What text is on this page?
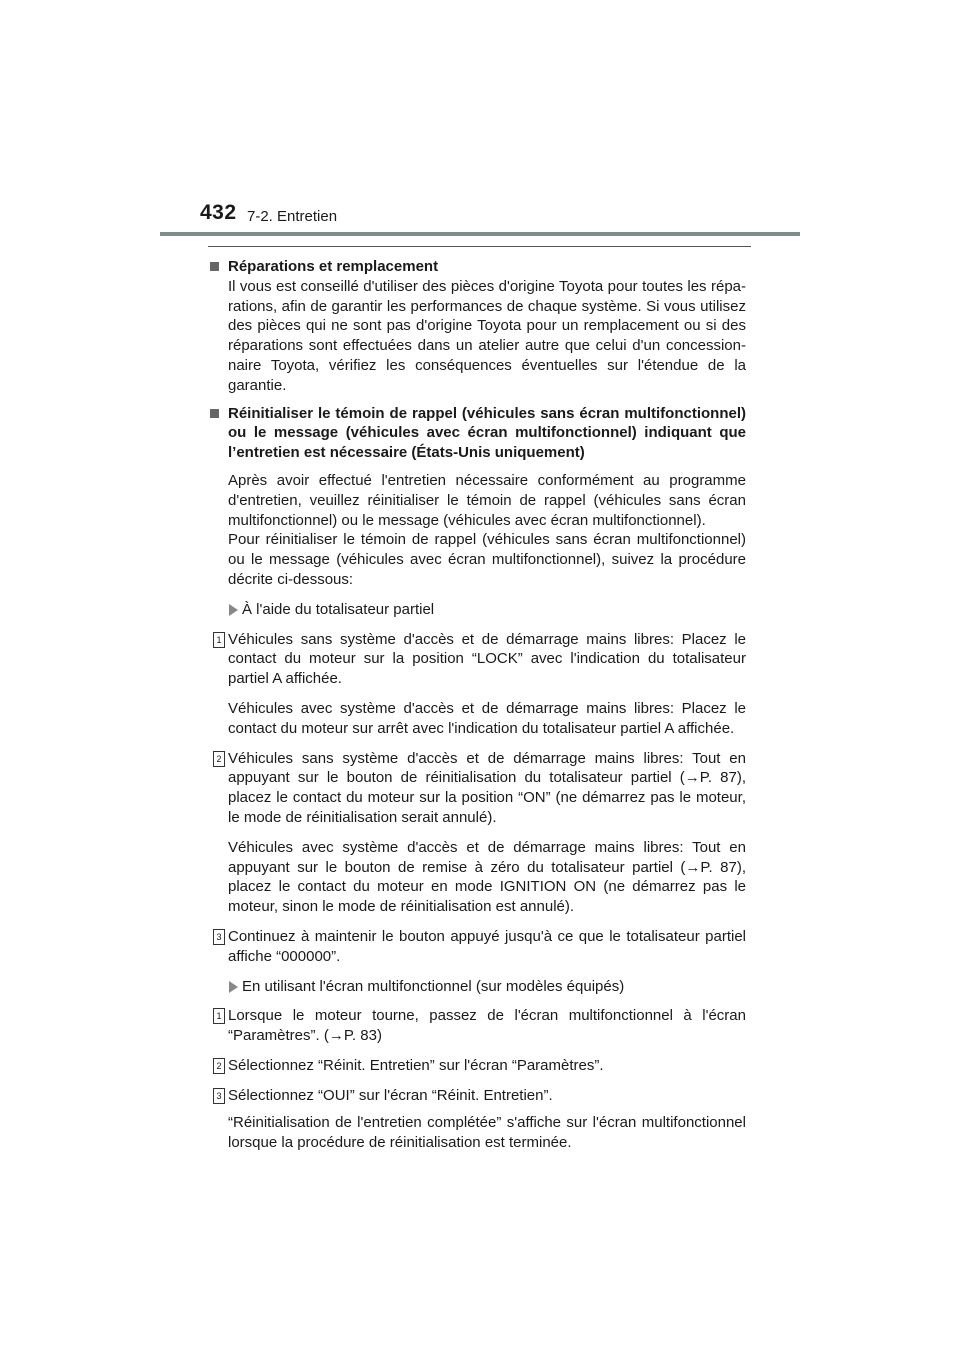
432 7-2. Entretien
Réparations et remplacement

Il vous est conseillé d'utiliser des pièces d'origine Toyota pour toutes les réparations, afin de garantir les performances de chaque système. Si vous utilisez des pièces qui ne sont pas d'origine Toyota pour un remplacement ou si des réparations sont effectuées dans un atelier autre que celui d'un concessionnaire Toyota, vérifiez les conséquences éventuelles sur l'étendue de la garantie.

Réinitialiser le témoin de rappel (véhicules sans écran multifonctionnel) ou le message (véhicules avec écran multifonctionnel) indiquant que l’entretien est nécessaire (États-Unis uniquement)

Après avoir effectué l'entretien nécessaire conformément au programme d'entretien, veuillez réinitialiser le témoin de rappel (véhicules sans écran multifonctionnel) ou le message (véhicules avec écran multifonctionnel).

Pour réinitialiser le témoin de rappel (véhicules sans écran multifonctionnel) ou le message (véhicules avec écran multifonctionnel), suivez la procédure décrite ci-dessous:

À l'aide du totalisateur partiel
1 Véhicules sans système d'accès et de démarrage mains libres: Placez le contact du moteur sur la position “LOCK” avec l'indication du totalisateur partiel A affichée.

Véhicules avec système d'accès et de démarrage mains libres: Placez le contact du moteur sur arrêt avec l'indication du totalisateur partiel A affichée.

2 Véhicules sans système d'accès et de démarrage mains libres: Tout en appuyant sur le bouton de réinitialisation du totalisateur partiel (→P. 87), placez le contact du moteur sur la position “ON” (ne démarrez pas le moteur, le mode de réinitialisation serait annulé).

Véhicules avec système d'accès et de démarrage mains libres: Tout en appuyant sur le bouton de remise à zéro du totalisateur partiel (→P. 87), placez le contact du moteur en mode IGNITION ON (ne démarrez pas le moteur, sinon le mode de réinitialisation est annulé).

3 Continuez à maintenir le bouton appuyé jusqu'à ce que le totalisateur partiel affiche “000000”.
En utilisant l'écran multifonctionnel (sur modèles équipés)
1 Lorsque le moteur tourne, passez de l'écran multifonctionnel à l'écran “Paramètres”. (→P. 83)
2 Sélectionnez “Réinit. Entretien” sur l'écran “Paramètres”.
3 Sélectionnez “OUI” sur l'écran “Réinit. Entretien”.

“Réinitialisation de l'entretien complétée” s'affiche sur l'écran multifonctionnel lorsque la procédure de réinitialisation est terminée.
